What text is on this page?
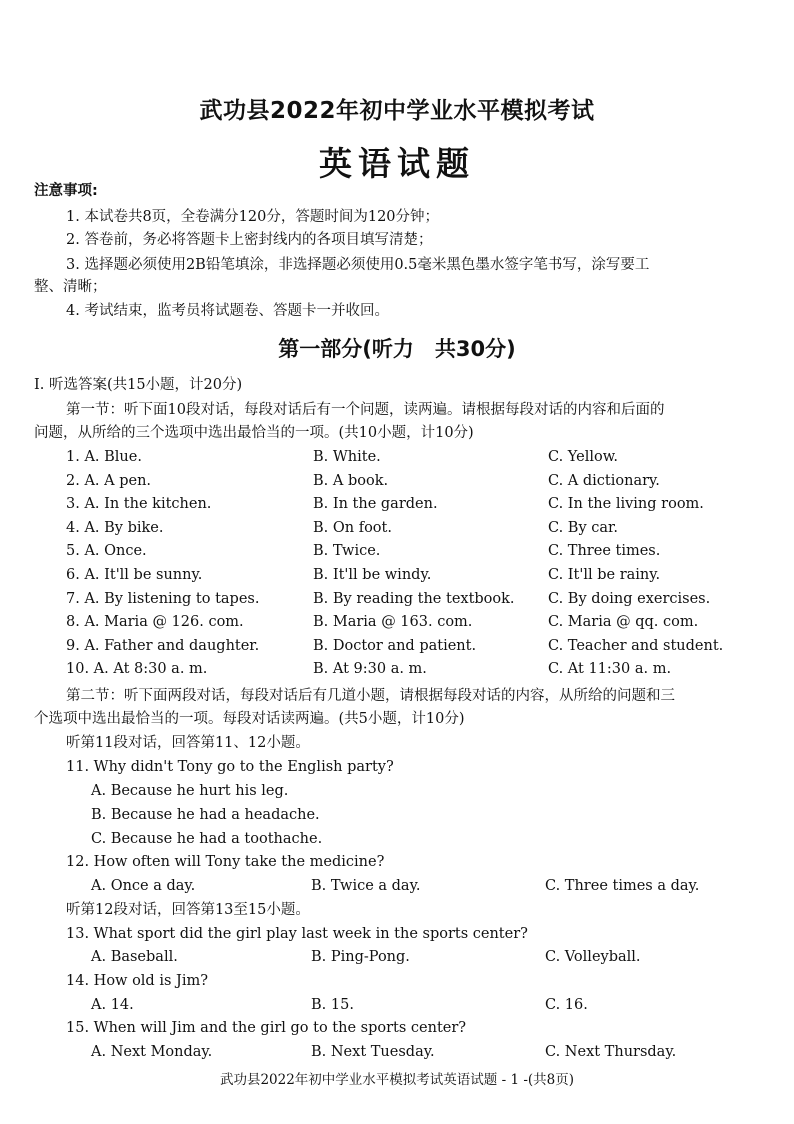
武功县2022年初中学业水平模拟考试
英语试题
注意事项:
1. 本试卷共8页，全卷满分120分，答题时间为120分钟；
2. 答卷前，务必将答题卡上密封线内的各项目填写清楚；
3. 选择题必须使用2B铅笔填涂，非选择题必须使用0.5毫米黑色墨水签字笔书写，涂写要工
整、清晰；
4. 考试结束，监考员将试题卷、答题卡一并收回。
第一部分(听力　共30分)
Ⅰ. 听选答案(共15小题，计20分)
第一节：听下面10段对话，每段对话后有一个问题，读两遍。请根据每段对话的内容和后面的
问题，从所给的三个选项中选出最恰当的一项。(共10小题，计10分)
1. A. Blue.	B. White.	C. Yellow.
2. A. A pen.	B. A book.	C. A dictionary.
3. A. In the kitchen.	B. In the garden.	C. In the living room.
4. A. By bike.	B. On foot.	C. By car.
5. A. Once.	B. Twice.	C. Three times.
6. A. It'll be sunny.	B. It'll be windy.	C. It'll be rainy.
7. A. By listening to tapes.	B. By reading the textbook. C. By doing exercises.
8. A. Maria @ 126. com.	B. Maria @ 163. com.	C. Maria @ qq. com.
9. A. Father and daughter.	B. Doctor and patient.	C. Teacher and student.
10. A. At 8:30 a. m.	B. At 9:30 a. m.	C. At 11:30 a. m.
第二节：听下面两段对话，每段对话后有几道小题，请根据每段对话的内容，从所给的问题和三
个选项中选出最恰当的一项。每段对话读两遍。(共5小题，计10分)
听第11段对话，回答第11、12小题。
11. Why didn't Tony go to the English party?
A. Because he hurt his leg.
B. Because he had a headache.
C. Because he had a toothache.
12. How often will Tony take the medicine?
A. Once a day.	B. Twice a day.	C. Three times a day.
听第12段对话，回答第13至15小题。
13. What sport did the girl play last week in the sports center?
A. Baseball.	B. Ping-Pong.	C. Volleyball.
14. How old is Jim?
A. 14.	B. 15.	C. 16.
15. When will Jim and the girl go to the sports center?
A. Next Monday.	B. Next Tuesday.	C. Next Thursday.
武功县2022年初中学业水平模拟考试英语试题 - 1 -(共8页)
